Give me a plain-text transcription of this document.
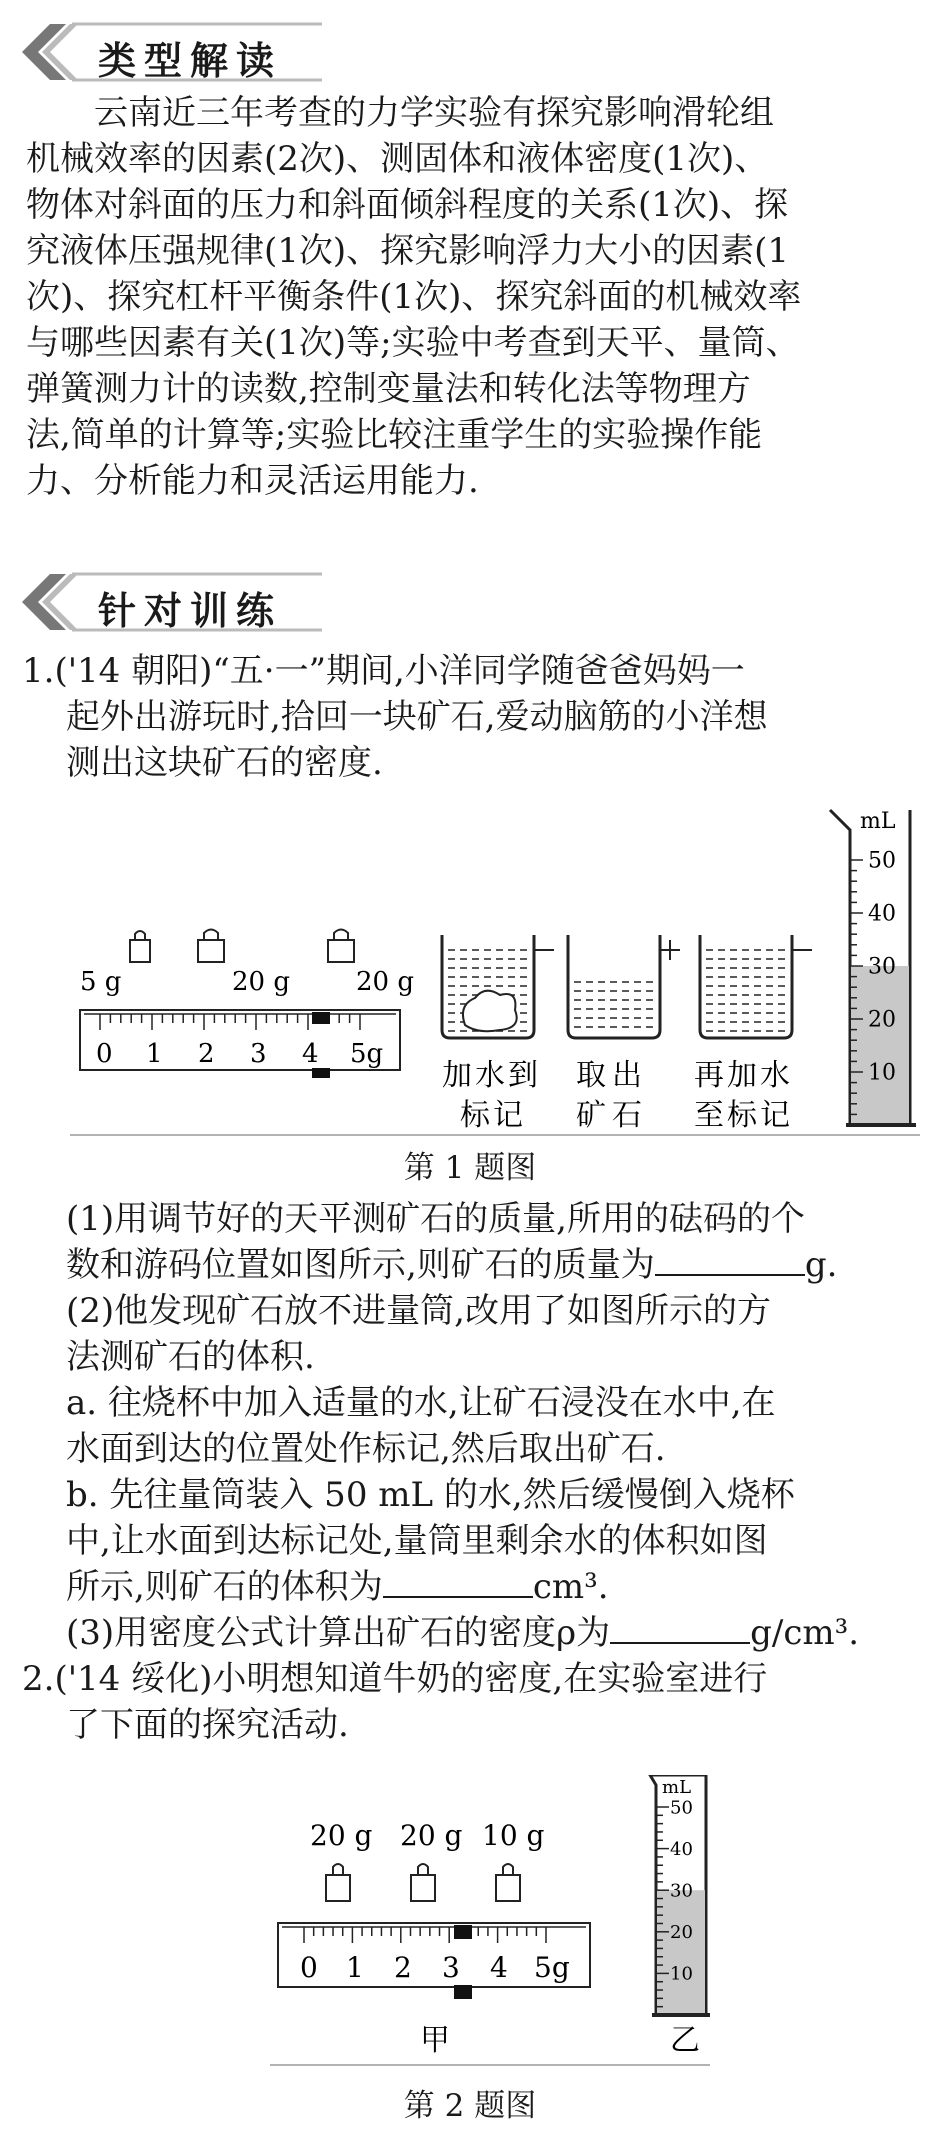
类型解读

云南近三年考查的力学实验有探究影响滑轮组

机械效率的因素(2次)、测固体和液体密度(1次)、

物体对斜面的压力和斜面倾斜程度的关系(1次)、探

究液体压强规律(1次)、探究影响浮力大小的因素(1

次)、探究杠杆平衡条件(1次)、探究斜面的机械效率

与哪些因素有关(1次)等;实验中考查到天平、量筒、

弹簧测力计的读数,控制变量法和转化法等物理方

法,简单的计算等;实验比较注重学生的实验操作能

力、分析能力和灵活运用能力.

针对训练
1.('14 朝阳)“五·一”期间,小洋同学随爸爸妈妈一
起外出游玩时,拾回一块矿石,爱动脑筋的小洋想
测出这块矿石的密度.
5 g	20 g	20 g
0 1 2 3 4 5g
加水到
标记
取出
矿石
再加水
至标记
mL
50
40
30
20
10
第 1 题图
(1)用调节好的天平测矿石的质量,所用的砝码的个
数和游码位置如图所示,则矿石的质量为	g.
(2)他发现矿石放不进量筒,改用了如图所示的方
法测矿石的体积.
a. 往烧杯中加入适量的水,让矿石浸没在水中,在
水面到达的位置处作标记,然后取出矿石.
b. 先往量筒装入 50 mL 的水,然后缓慢倒入烧杯
中,让水面到达标记处,量筒里剩余水的体积如图
所示,则矿石的体积为	cm³.
(3)用密度公式计算出矿石的密度ρ为	g/cm³.
2.('14 绥化)小明想知道牛奶的密度,在实验室进行
了下面的探究活动.
20 g 20 g 10 g
0 1 2 3 4 5g
甲	乙
mL
50
40
30
20
10
第 2 题图
